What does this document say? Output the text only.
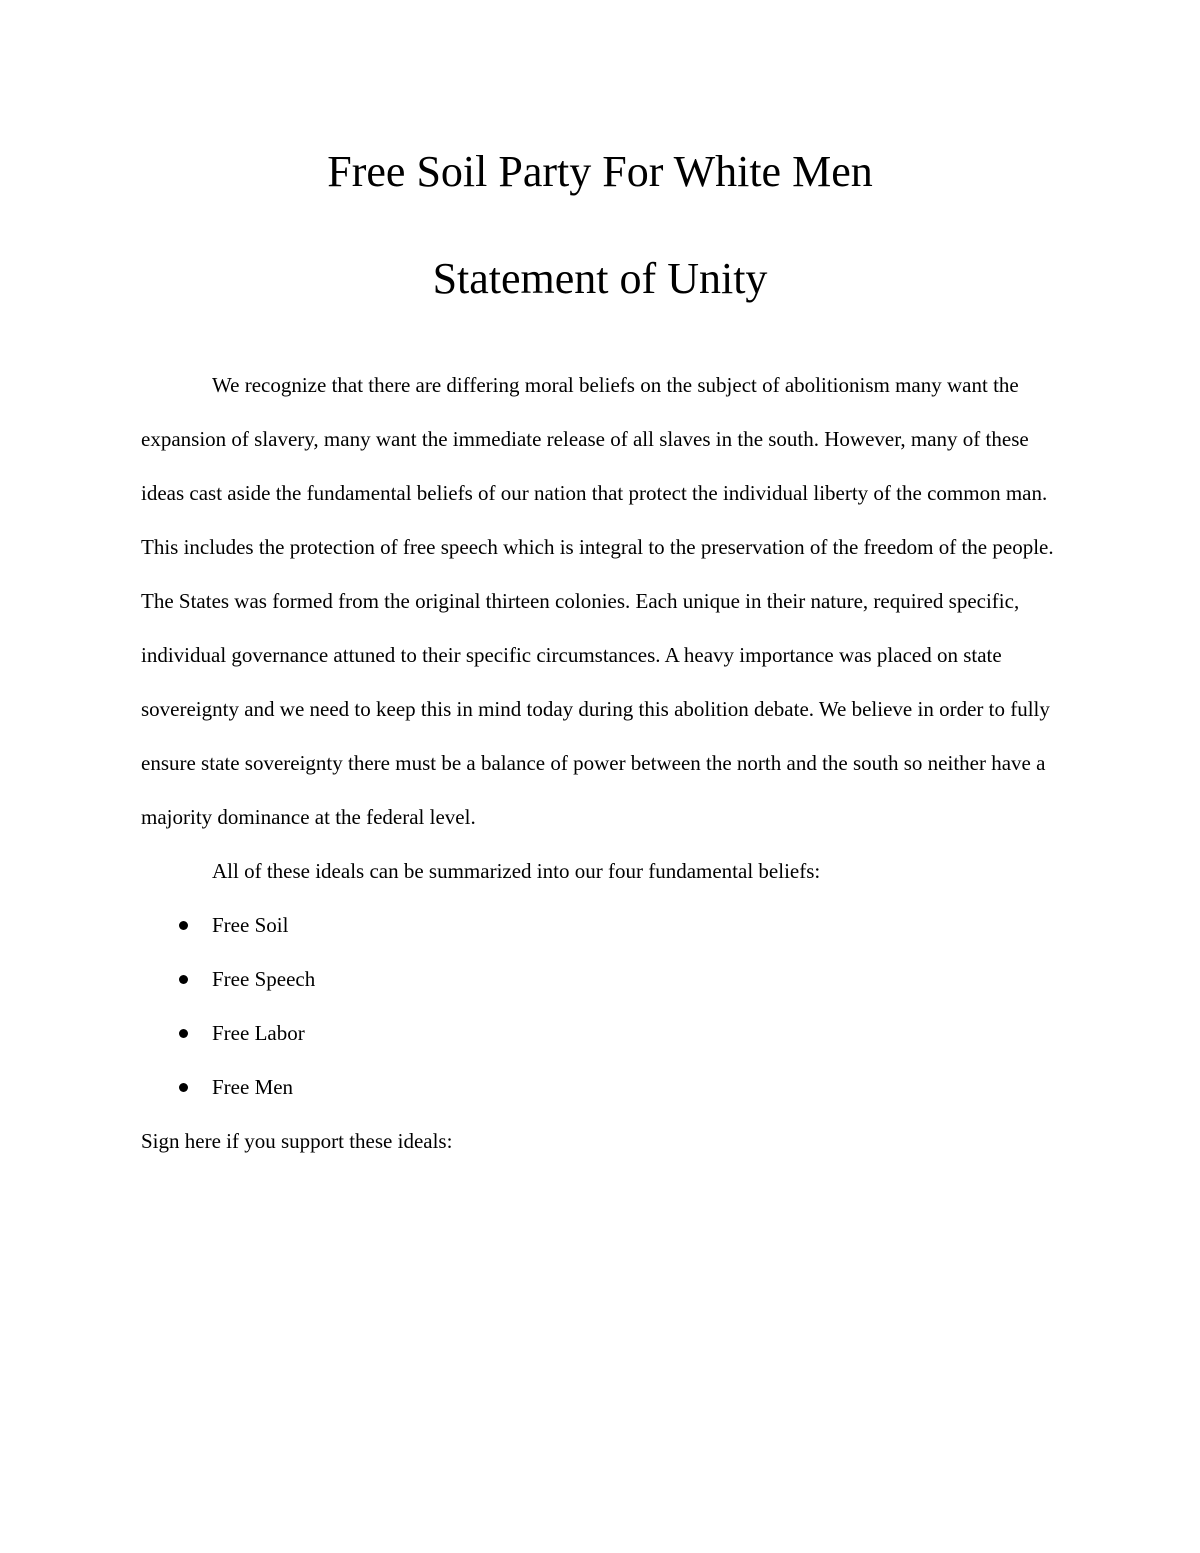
Free Soil Party For White Men
Statement of Unity

We recognize that there are differing moral beliefs on the subject of abolitionism many want the expansion of slavery, many want the immediate release of all slaves in the south. However, many of these ideas cast aside the fundamental beliefs of our nation that protect the individual liberty of the common man. This includes the protection of free speech which is integral to the preservation of the freedom of the people. The States was formed from the original thirteen colonies. Each unique in their nature, required specific, individual governance attuned to their specific circumstances. A heavy importance was placed on state sovereignty and we need to keep this in mind today during this abolition debate. We believe in order to fully ensure state sovereignty there must be a balance of power between the north and the south so neither have a majority dominance at the federal level.

All of these ideals can be summarized into our four fundamental beliefs:

Free Soil
Free Speech
Free Labor
Free Men

Sign here if you support these ideals:
